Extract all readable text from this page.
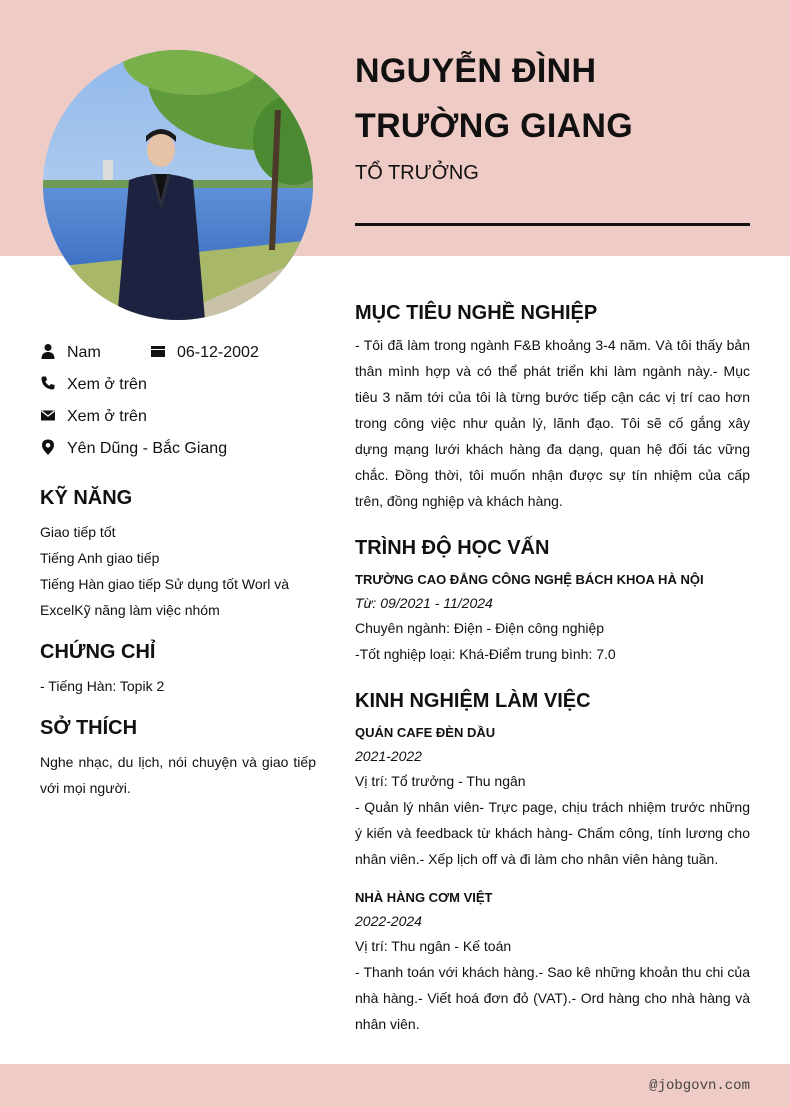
NGUYỄN ĐÌNH TRƯỜNG GIANG
TỔ TRƯỞNG
Nam	06-12-2002
Xem ở trên
Xem ở trên
Yên Dũng - Bắc Giang
KỸ NĂNG
Giao tiếp tốt
Tiếng Anh giao tiếp
Tiếng Hàn giao tiếp Sử dụng tốt Worl và
ExcelKỹ năng làm việc nhóm
CHỨNG CHỈ
- Tiếng Hàn: Topik 2
SỞ THÍCH
Nghe nhạc, du lịch, nói chuyện và giao tiếp với mọi người.
MỤC TIÊU NGHỀ NGHIỆP
- Tôi đã làm trong ngành F&B khoảng 3-4 năm. Và tôi thấy bản thân mình hợp và có thể phát triển khi làm ngành này.- Mục tiêu 3 năm tới của tôi là từng bước tiếp cận các vị trí cao hơn trong công việc như quản lý, lãnh đạo. Tôi sẽ cố gắng xây dựng mạng lưới khách hàng đa dạng, quan hệ đối tác vững chắc. Đồng thời, tôi muốn nhận được sự tín nhiệm của cấp trên, đồng nghiệp và khách hàng.
TRÌNH ĐỘ HỌC VẤN
TRƯỜNG CAO ĐẲNG CÔNG NGHỆ BÁCH KHOA HÀ NỘI
Từ: 09/2021 - 11/2024
Chuyên ngành: Điện - Điện công nghiệp
-Tốt nghiệp loại: Khá-Điểm trung bình: 7.0
KINH NGHIỆM LÀM VIỆC
QUÁN CAFE ĐÈN DẦU
2021-2022
Vị trí: Tổ trưởng - Thu ngân
- Quản lý nhân viên- Trực page, chịu trách nhiệm trước những ý kiến và feedback từ khách hàng- Chấm công, tính lương cho nhân viên.- Xếp lịch off và đi làm cho nhân viên hàng tuần.
NHÀ HÀNG CƠM VIỆT
2022-2024
Vị trí: Thu ngân - Kế toán
- Thanh toán với khách hàng.- Sao kê những khoản thu chi của nhà hàng.- Viết hoá đơn đỏ (VAT).- Ord hàng cho nhà hàng và nhân viên.
@jobgovn.com
